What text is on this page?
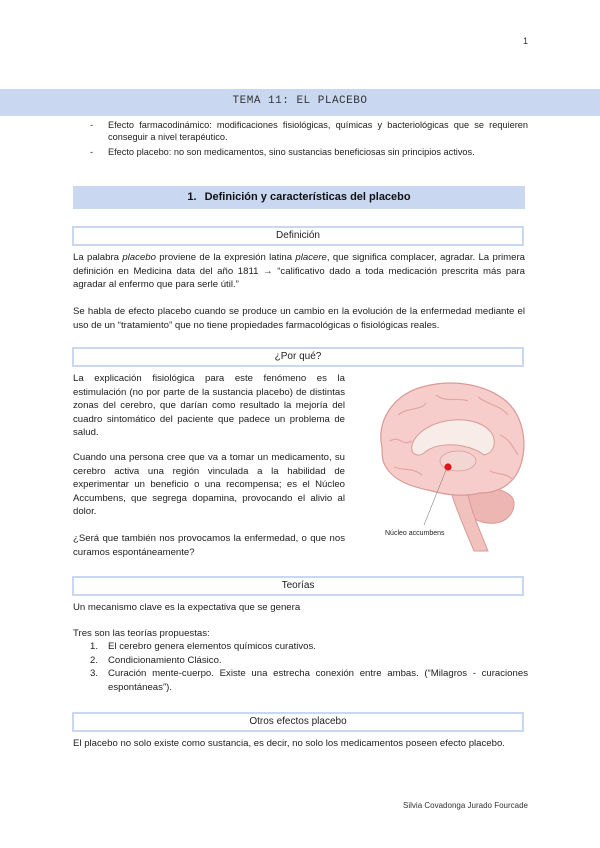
1
TEMA 11: EL PLACEBO
- Efecto farmacodinámico: modificaciones fisiológicas, químicas y bacteriológicas que se requieren conseguir a nivel terapéutico.
- Efecto placebo: no son medicamentos, sino sustancias beneficiosas sin principios activos.
1. Definición y características del placebo
Definición

La palabra placebo proviene de la expresión latina placere, que significa complacer, agradar. La primera definición en Medicina data del año 1811 → “calificativo dado a toda medicación prescrita más para agradar al enfermo que para serle útil.”

Se habla de efecto placebo cuando se produce un cambio en la evolución de la enfermedad mediante el uso de un “tratamiento” que no tiene propiedades farmacológicas o fisiológicas reales.

¿Por qué?

La explicación fisiológica para este fenómeno es la estimulación (no por parte de la sustancia placebo) de distintas zonas del cerebro, que darían como resultado la mejoría del cuadro sintomático del paciente que padece un problema de salud.

Cuando una persona cree que va a tomar un medicamento, su cerebro activa una región vinculada a la habilidad de experimentar un beneficio o una recompensa; es el Núcleo Accumbens, que segrega dopamina, provocando el alivio al dolor.

¿Será que también nos provocamos la enfermedad, o que nos curamos espontáneamente?

Núcleo accumbens
Teorías

Un mecanismo clave es la expectativa que se genera

Tres son las teorías propuestas:

1. El cerebro genera elementos químicos curativos.
2. Condicionamiento Clásico.
3. Curación mente-cuerpo. Existe una estrecha conexión entre ambas. (“Milagros - curaciones espontáneas”).
Otros efectos placebo

El placebo no solo existe como sustancia, es decir, no solo los medicamentos poseen efecto placebo.

Silvia Covadonga Jurado Fourcade
